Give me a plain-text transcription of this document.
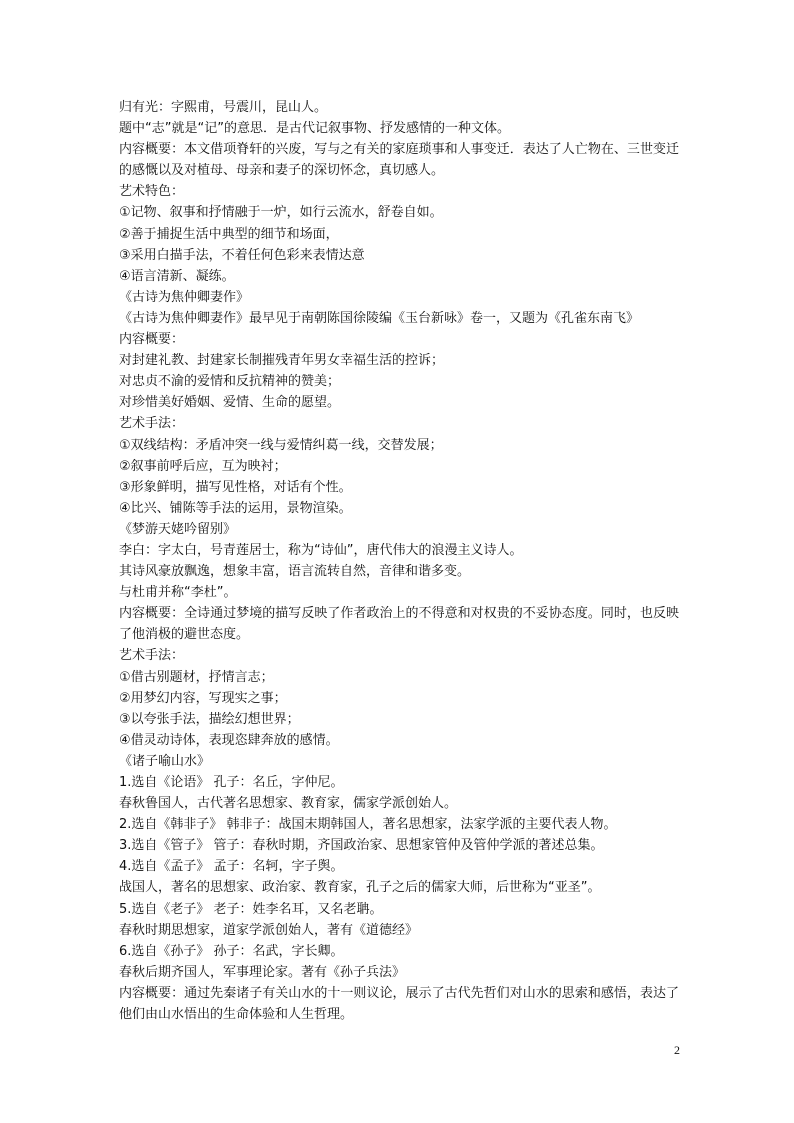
归有光：字熙甫，号震川，昆山人。
题中“志”就是“记”的意思．是古代记叙事物、抒发感情的一种文体。
内容概要：本文借项脊轩的兴废，写与之有关的家庭琐事和人事变迁．表达了人亡物在、三世变迁的感慨以及对植母、母亲和妻子的深切怀念，真切感人。
艺术特色：
①记物、叙事和抒情融于一炉，如行云流水，舒卷自如。
②善于捕捉生活中典型的细节和场面，
③采用白描手法，不着任何色彩来表情达意
④语言清新、凝练。
《古诗为焦仲卿妻作》
《古诗为焦仲卿妻作》最早见于南朝陈国徐陵编《玉台新咏》卷一，又题为《孔雀东南飞》
内容概要：
对封建礼教、封建家长制摧残青年男女幸福生活的控诉；
对忠贞不渝的爱情和反抗精神的赞美；
对珍惜美好婚姻、爱情、生命的愿望。
艺术手法：
①双线结构：矛盾冲突一线与爱情纠葛一线，交替发展；
②叙事前呼后应，互为映衬；
③形象鲜明，描写见性格，对话有个性。
④比兴、铺陈等手法的运用，景物渲染。
《梦游天姥吟留别》
李白：字太白，号青莲居士，称为“诗仙”，唐代伟大的浪漫主义诗人。
其诗风豪放飘逸，想象丰富，语言流转自然，音律和谐多变。
与杜甫并称“李杜”。
内容概要：全诗通过梦境的描写反映了作者政治上的不得意和对权贵的不妥协态度。同时，也反映了他消极的避世态度。
艺术手法：
①借古别题材，抒情言志；
②用梦幻内容，写现实之事；
③以夸张手法，描绘幻想世界；
④借灵动诗体，表现恣肆奔放的感情。
《诸子喻山水》
1.选自《论语》 孔子：名丘，字仲尼。
春秋鲁国人，古代著名思想家、教育家，儒家学派创始人。
2.选自《韩非子》 韩非子：战国末期韩国人，著名思想家，法家学派的主要代表人物。
3.选自《管子》 管子：春秋时期，齐国政治家、思想家管仲及管仲学派的著述总集。
4.选自《孟子》 孟子：名轲，字子舆。
战国人，著名的思想家、政治家、教育家，孔子之后的儒家大师，后世称为“亚圣”。
5.选自《老子》 老子：姓李名耳，又名老聃。
春秋时期思想家，道家学派创始人，著有《道德经》
6.选自《孙子》 孙子：名武，字长卿。
春秋后期齐国人，军事理论家。著有《孙子兵法》
内容概要：通过先秦诸子有关山水的十一则议论，展示了古代先哲们对山水的思索和感悟，表达了他们由山水悟出的生命体验和人生哲理。
2
